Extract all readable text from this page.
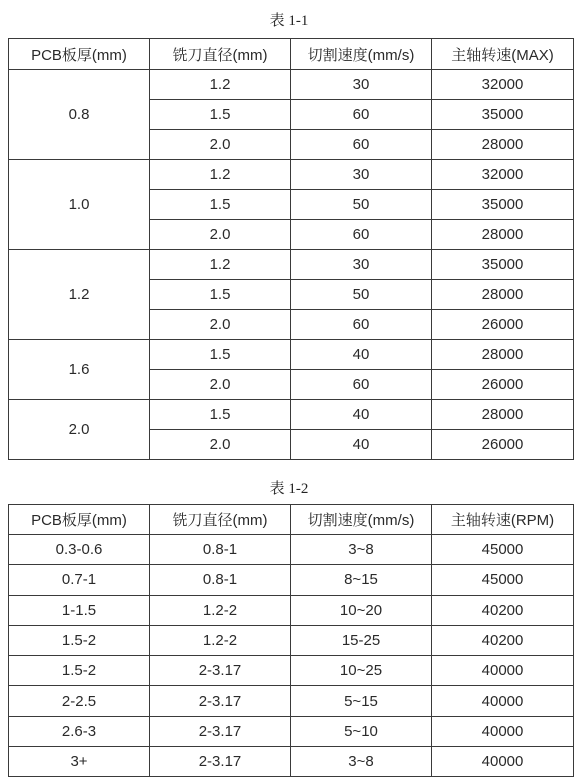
表 1-1
PCB板厚(mm)	铣刀直径(mm)	切割速度(mm/s)	主轴转速(MAX)
0.8	1.2	30	32000
	1.5	60	35000
	2.0	60	28000
1.0	1.2	30	32000
	1.5	50	35000
	2.0	60	28000
1.2	1.2	30	35000
	1.5	50	28000
	2.0	60	26000
1.6	1.5	40	28000
	2.0	60	26000
2.0	1.5	40	28000
	2.0	40	26000
表 1-2
PCB板厚(mm)	铣刀直径(mm)	切割速度(mm/s)	主轴转速(RPM)
0.3-0.6	0.8-1	3~8	45000
0.7-1	0.8-1	8~15	45000
1-1.5	1.2-2	10~20	40200
1.5-2	1.2-2	15-25	40200
1.5-2	2-3.17	10~25	40000
2-2.5	2-3.17	5~15	40000
2.6-3	2-3.17	5~10	40000
3+	2-3.17	3~8	40000
